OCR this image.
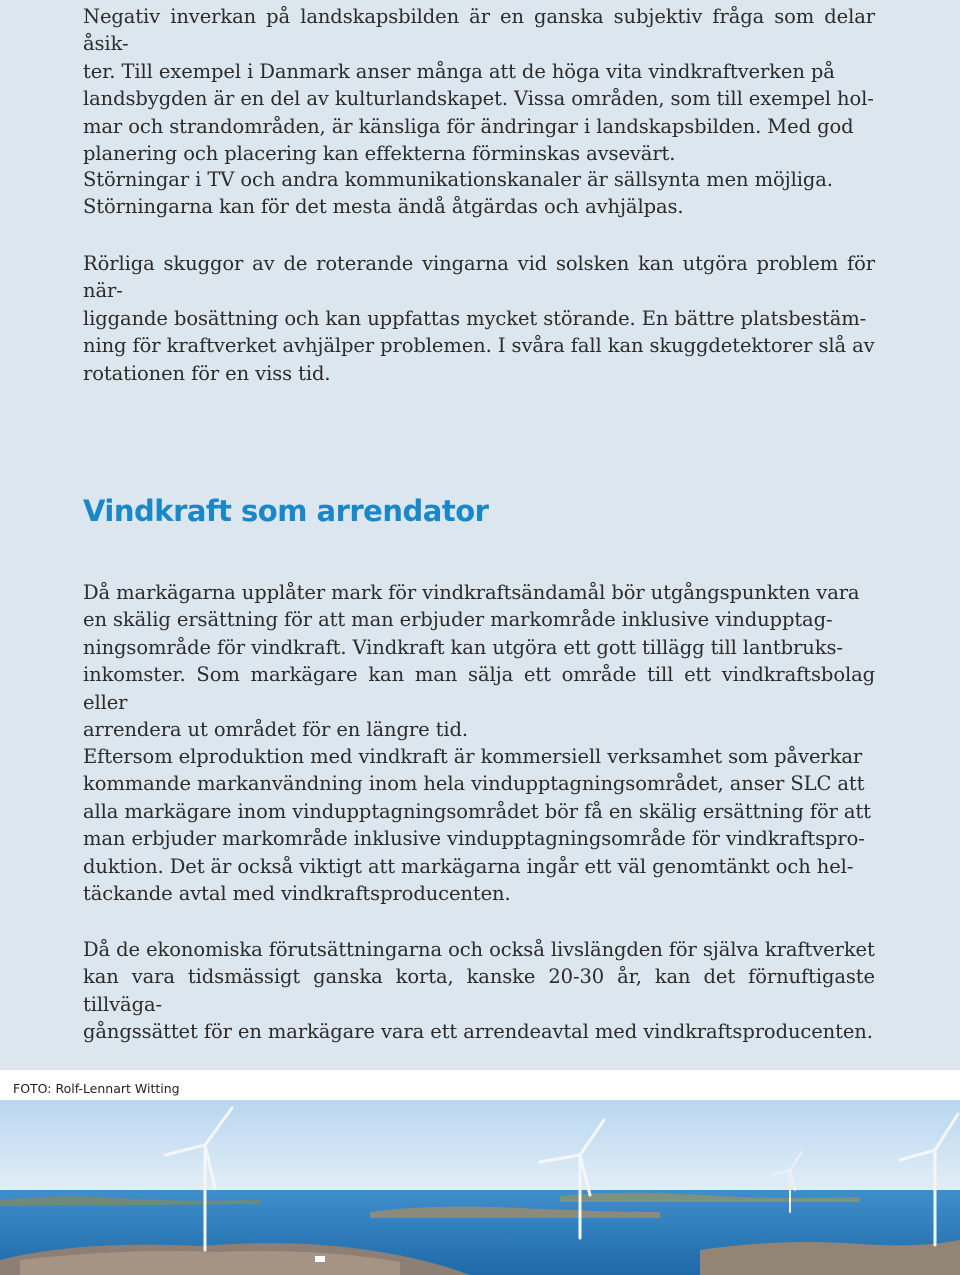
Negativ inverkan på landskapsbilden är en ganska subjektiv fråga som delar åsik-
ter. Till exempel i Danmark anser många att de höga vita vindkraftverken på
landsbygden är en del av kulturlandskapet. Vissa områden, som till exempel hol-
mar och strandområden, är känsliga för ändringar i landskapsbilden. Med god
planering och placering kan effekterna förminskas avsevärt.

Störningar i TV och andra kommunikationskanaler är sällsynta men möjliga.
Störningarna kan för det mesta ändå åtgärdas och avhjälpas.

Rörliga skuggor av de roterande vingarna vid solsken kan utgöra problem för när-
liggande bosättning och kan uppfattas mycket störande. En bättre platsbestäm-
ning för kraftverket avhjälper problemen. I svåra fall kan skuggdetektorer slå av
rotationen för en viss tid.

Vindkraft som arrendator

Då markägarna upplåter mark för vindkraftsändamål bör utgångspunkten vara
en skälig ersättning för att man erbjuder markområde inklusive vindupptag-
ningsområde för vindkraft. Vindkraft kan utgöra ett gott tillägg till lantbruks-
inkomster. Som markägare kan man sälja ett område till ett vindkraftsbolag eller
arrendera ut området för en längre tid.

Eftersom elproduktion med vindkraft är kommersiell verksamhet som påverkar
kommande markanvändning inom hela vindupptagningsområdet, anser SLC att
alla markägare inom vindupptagningsområdet bör få en skälig ersättning för att
man erbjuder markområde inklusive vindupptagningsområde för vindkraftspro-
duktion. Det är också viktigt att markägarna ingår ett väl genomtänkt och hel-
täckande avtal med vindkraftsproducenten.

Då de ekonomiska förutsättningarna och också livslängden för själva kraftverket
kan vara tidsmässigt ganska korta, kanske 20-30 år, kan det förnuftigaste tillväga-
gångssättet för en markägare vara ett arrendeavtal med vindkraftsproducenten.

FOTO: Rolf-Lennart Witting
